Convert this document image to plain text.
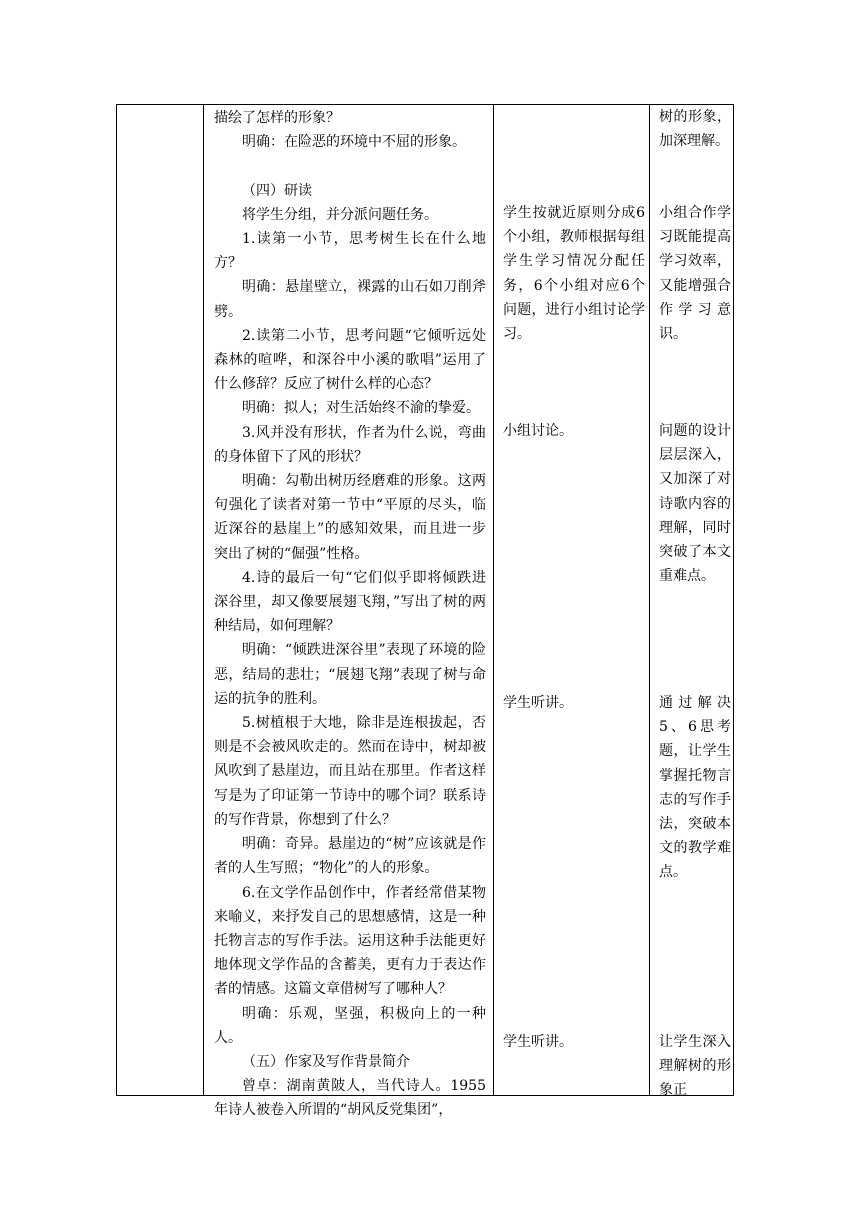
描绘了怎样的形象？

明确：在险恶的环境中不屈的形象。

（四）研读

将学生分组，并分派问题任务。

1.读第一小节，思考树生长在什么地方？

明确：悬崖壁立，裸露的山石如刀削斧劈。

2.读第二小节，思考问题“它倾听远处森林的喧哗，和深谷中小溪的歌唱”运用了什么修辞？反应了树什么样的心态？

明确：拟人；对生活始终不渝的挚爱。

3.风并没有形状，作者为什么说，弯曲的身体留下了风的形状？

明确：勾勒出树历经磨难的形象。这两句强化了读者对第一节中“平原的尽头，临近深谷的悬崖上”的感知效果，而且进一步突出了树的“倔强”性格。

4.诗的最后一句“它们似乎即将倾跌进深谷里，却又像要展翅飞翔，”写出了树的两种结局，如何理解？

明确：“倾跌进深谷里”表现了环境的险恶，结局的悲壮；“展翅飞翔”表现了树与命运的抗争的胜利。

5.树植根于大地，除非是连根拔起，否则是不会被风吹走的。然而在诗中，树却被风吹到了悬崖边，而且站在那里。作者这样写是为了印证第一节诗中的哪个词？联系诗的写作背景，你想到了什么？

明确：奇异。悬崖边的“树”应该就是作者的人生写照；“物化”的人的形象。

6.在文学作品创作中，作者经常借某物来喻义，来抒发自己的思想感情，这是一种托物言志的写作手法。运用这种手法能更好地体现文学作品的含蓄美，更有力于表达作者的情感。这篇文章借树写了哪种人？

明确：乐观，坚强，积极向上的一种人。

（五）作家及写作背景简介

曾卓：湖南黄陂人，当代诗人。1955年诗人被卷入所谓的“胡风反党集团”，

学生按就近原则分成6个小组，教师根据每组学生学习情况分配任务，6个小组对应6个问题，进行小组讨论学习。

小组讨论。

学生听讲。

学生听讲。

树的形象，加深理解。

小组合作学习既能提高学习效率，又能增强合作学习意识。

问题的设计层层深入，又加深了对诗歌内容的理解，同时突破了本文重难点。

通过解决5、6思考题，让学生掌握托物言志的写作手法，突破本文的教学难点。

让学生深入理解树的形象正
